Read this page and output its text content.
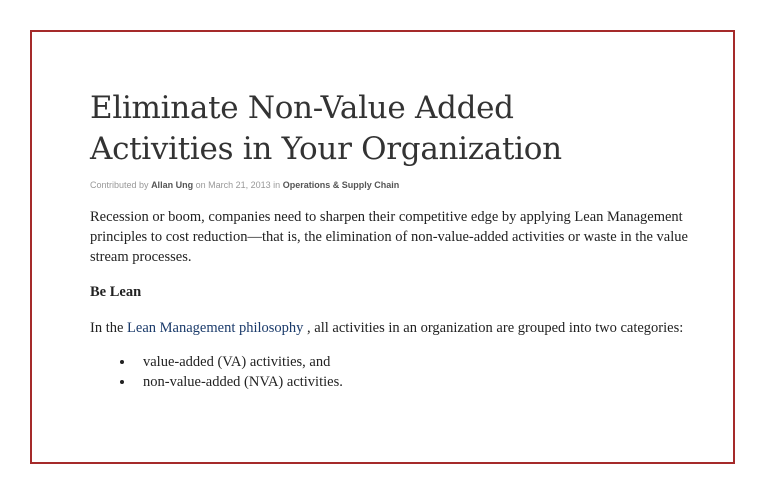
Eliminate Non-Value Added
Activities in Your Organization
Contributed by Allan Ung on March 21, 2013 in Operations & Supply Chain

Recession or boom, companies need to sharpen their competitive edge by applying Lean Management principles to cost reduction—that is, the elimination of non-value-added activities or waste in the value stream processes.

Be Lean

In the Lean Management philosophy , all activities in an organization are grouped into two categories:

• value-added (VA) activities, and
• non-value-added (NVA) activities.
